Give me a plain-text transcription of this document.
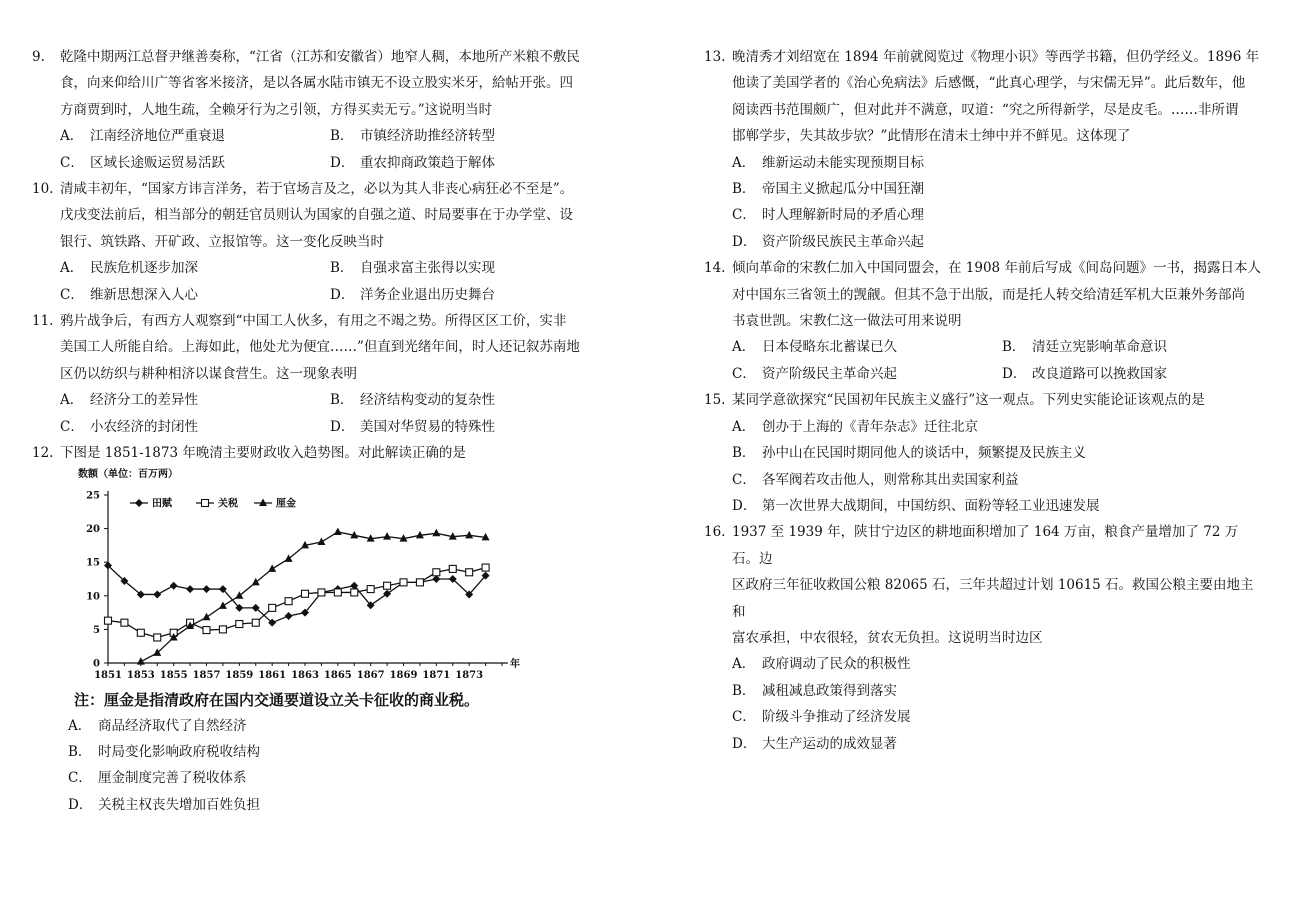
9. 乾隆中期两江总督尹继善奏称，“江省（江苏和安徽省）地窄人稠，本地所产米粮不敷民
食，向来仰给川广等省客米接济，是以各属水陆市镇无不设立股实米牙，給帖开张。四
方商贾到时，人地生疏，全赖牙行为之引领，方得买卖无亏。”这说明当时
A． 江南经济地位严重衰退	B． 市镇经济助推经济转型
C． 区域长途贩运贸易活跃	D． 重农抑商政策趋于解体
10. 清咸丰初年，“国家方讳言洋务，若于官场言及之，必以为其人非丧心病狂必不至是”。
戊戌变法前后，相当部分的朝廷官员则认为国家的自强之道、时局要事在于办学堂、设
银行、筑铁路、开矿政、立报馆等。这一变化反映当时
A． 民族危机逐步加深	B． 自强求富主张得以实现
C． 维新思想深入人心	D． 洋务企业退出历史舞台
11. 鸦片战争后，有西方人观察到“中国工人伙多，有用之不竭之势。所得区区工价，实非
美国工人所能自给。上海如此，他处尤为便宜……”但直到光绪年间，时人还记叙苏南地
区仍以纺织与耕种相济以谋食营生。这一现象表明
A． 经济分工的差异性	B． 经济结构变动的复杂性
C． 小农经济的封闭性	D． 美国对华贸易的特殊性
12. 下图是 1851-1873 年晚清主要财政收入趋势图。对此解读正确的是
数额（单位：百万两）
0
5
10
15
20
25
1851 1853 1855 1857 1859 1861 1863 1865 1867 1869 1871 1873
年
田赋	关税	厘金
注：厘金是指清政府在国内交通要道设立关卡征收的商业税。
A． 商品经济取代了自然经济
B． 时局变化影响政府税收结构
C． 厘金制度完善了税收体系
D． 关税主权丧失增加百姓负担
13. 晚清秀才刘绍宽在 1894 年前就阅览过《物理小识》等西学书籍，但仍学经义。1896 年
他读了美国学者的《治心免病法》后感慨，“此真心理学，与宋儒无异”。此后数年，他
阅读西书范围颇广，但对此并不满意，叹道：“究之所得新学，尽是皮毛。……非所谓
邯郸学步，失其故步欤？”此情形在清末士绅中并不鲜见。这体现了
A． 维新运动未能实现预期目标
B． 帝国主义掀起瓜分中国狂潮
C． 时人理解新时局的矛盾心理
D． 资产阶级民族民主革命兴起
14. 倾向革命的宋教仁加入中国同盟会，在 1908 年前后写成《间岛问题》一书，揭露日本人
对中国东三省领土的觊觎。但其不急于出版，而是托人转交给清廷军机大臣兼外务部尚
书袁世凯。宋教仁这一做法可用来说明
A． 日本侵略东北蓄谋已久	B． 清廷立宪影响革命意识
C． 资产阶级民主革命兴起	D． 改良道路可以挽救国家
15. 某同学意欲探究“民国初年民族主义盛行”这一观点。下列史实能论证该观点的是
A． 创办于上海的《青年杂志》迁往北京
B． 孙中山在民国时期同他人的谈话中，频繁提及民族主义
C． 各军阀若攻击他人，则常称其出卖国家利益
D． 第一次世界大战期间，中国纺织、面粉等轻工业迅速发展
16. 1937 至 1939 年，陕甘宁边区的耕地面积增加了 164 万亩，粮食产量增加了 72 万石。边
区政府三年征收救国公粮 82065 石，三年共超过计划 10615 石。救国公粮主要由地主和
富农承担，中农很轻，贫农无负担。这说明当时边区
A． 政府调动了民众的积极性
B． 减租减息政策得到落实
C． 阶级斗争推动了经济发展
D． 大生产运动的成效显著
